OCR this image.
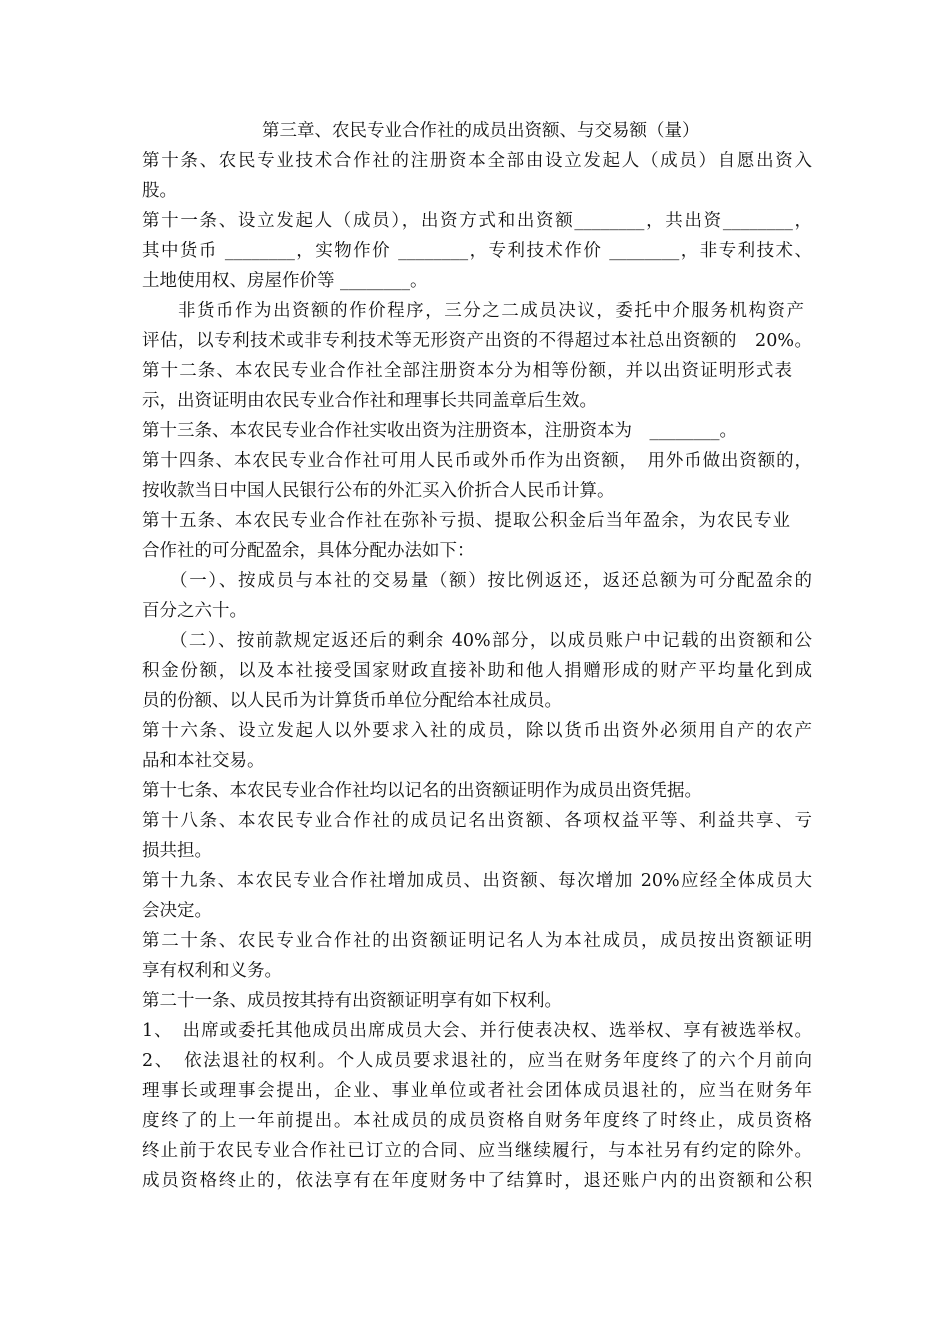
第三章、农民专业合作社的成员出资额、与交易额（量）
第十条、农民专业技术合作社的注册资本全部由设立发起人（成员）自愿出资入
股。
第十一条、设立发起人（成员），出资方式和出资额________，共出资________，
其中货币 ________，实物作价 ________，专利技术作价 ________，非专利技术、
土地使用权、房屋作价等 ________。
非货币作为出资额的作价程序，三分之二成员决议，委托中介服务机构资产
评估，以专利技术或非专利技术等无形资产出资的不得超过本社总出资额的　20%。
第十二条、本农民专业合作社全部注册资本分为相等份额，并以出资证明形式表
示，出资证明由农民专业合作社和理事长共同盖章后生效。
第十三条、本农民专业合作社实收出资为注册资本，注册资本为　________。
第十四条、本农民专业合作社可用人民币或外币作为出资额，　用外币做出资额的，
按收款当日中国人民银行公布的外汇买入价折合人民币计算。
第十五条、本农民专业合作社在弥补亏损、提取公积金后当年盈余，为农民专业
合作社的可分配盈余，具体分配办法如下：
（一）、按成员与本社的交易量（额）按比例返还，返还总额为可分配盈余的
百分之六十。
（二）、按前款规定返还后的剩余 40%部分，以成员账户中记载的出资额和公
积金份额，以及本社接受国家财政直接补助和他人捐赠形成的财产平均量化到成
员的份额、以人民币为计算货币单位分配给本社成员。
第十六条、设立发起人以外要求入社的成员，除以货币出资外必须用自产的农产
品和本社交易。
第十七条、本农民专业合作社均以记名的出资额证明作为成员出资凭据。
第十八条、本农民专业合作社的成员记名出资额、各项权益平等、利益共享、亏
损共担。
第十九条、本农民专业合作社增加成员、出资额、每次增加 20%应经全体成员大
会决定。
第二十条、农民专业合作社的出资额证明记名人为本社成员，成员按出资额证明
享有权利和义务。
第二十一条、成员按其持有出资额证明享有如下权利。
1、　出席或委托其他成员出席成员大会、并行使表决权、选举权、享有被选举权。
2、　依法退社的权利。个人成员要求退社的，应当在财务年度终了的六个月前向
理事长或理事会提出，企业、事业单位或者社会团体成员退社的，应当在财务年
度终了的上一年前提出。本社成员的成员资格自财务年度终了时终止，成员资格
终止前于农民专业合作社已订立的合同、应当继续履行，与本社另有约定的除外。
成员资格终止的，依法享有在年度财务中了结算时，退还账户内的出资额和公积
